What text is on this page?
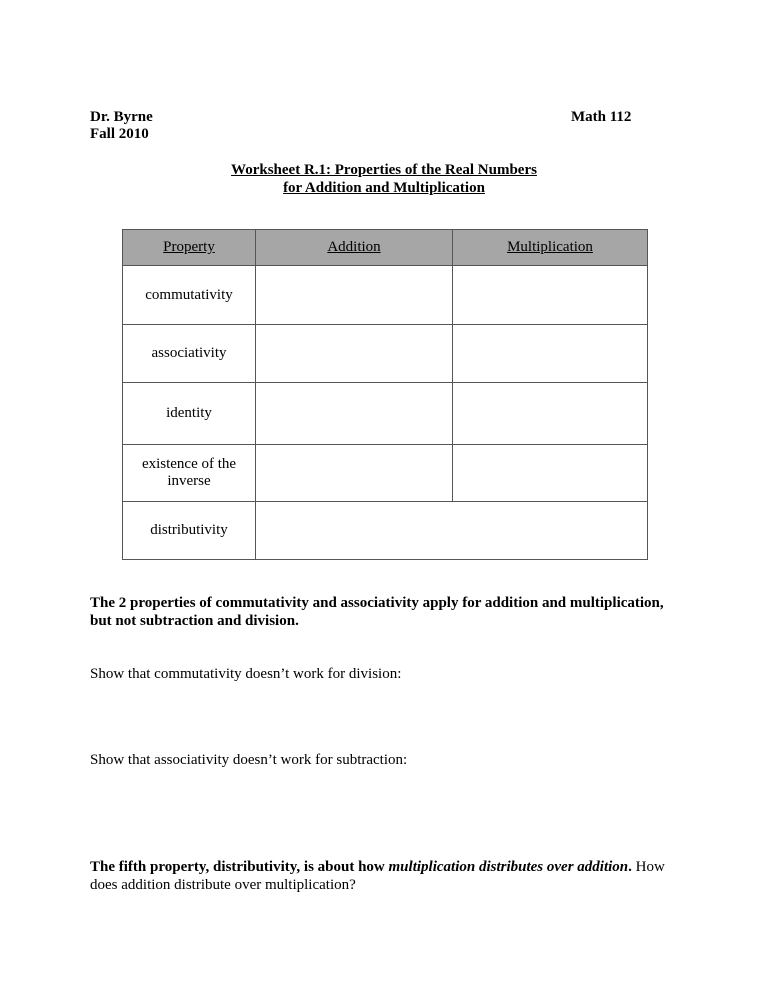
Dr. Byrne
Fall 2010
Math 112
Worksheet R.1: Properties of the Real Numbers
for Addition and Multiplication
Property	Addition	Multiplication
commutativity		
associativity		
identity		

existence of the
inverse		

distributivity		
The 2 properties of commutativity and associativity apply for addition and multiplication,
but not subtraction and division.
Show that commutativity doesn’t work for division:
Show that associativity doesn’t work for subtraction:
The fifth property, distributivity, is about how multiplication distributes over addition. How
does addition distribute over multiplication?
